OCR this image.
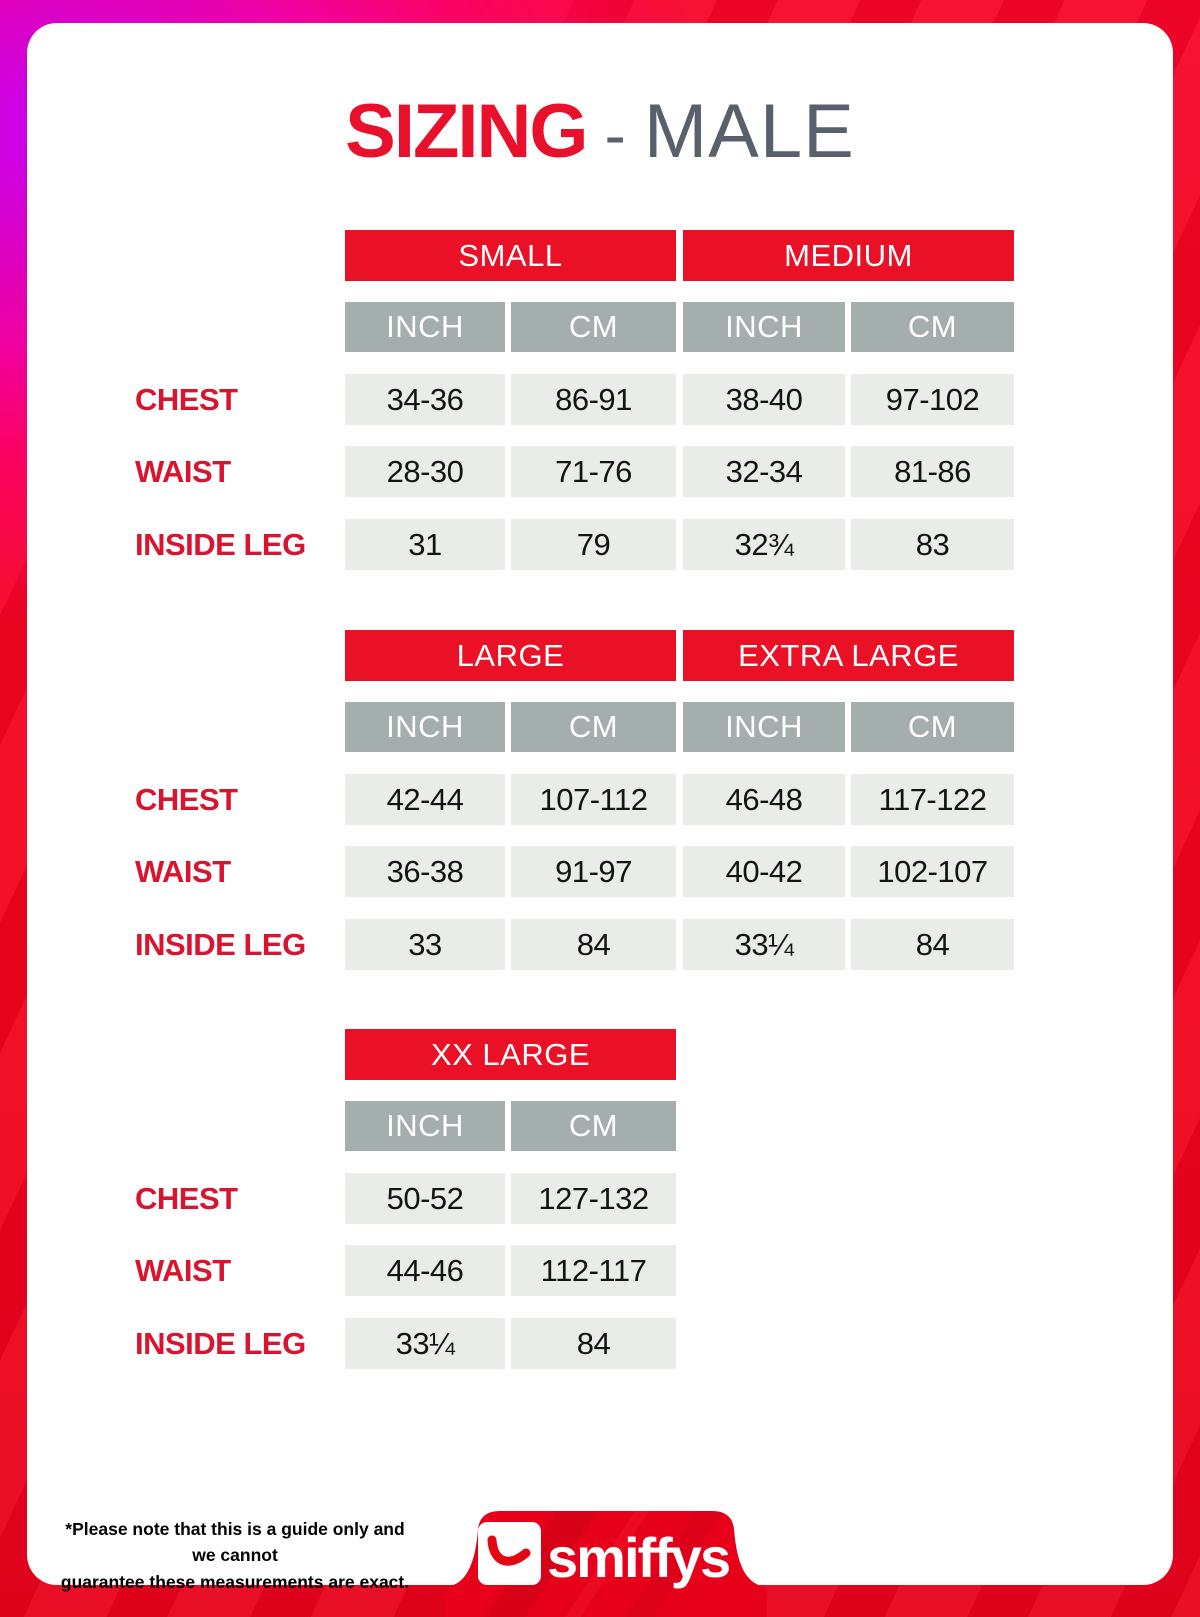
SIZING - MALE
SMALL	MEDIUM
INCH	CM	INCH	CM
CHEST	34-36	86-91	38-40	97-102
WAIST	28-30	71-76	32-34	81-86
INSIDE LEG	31	79	32¾	83
LARGE	EXTRA LARGE
INCH	CM	INCH	CM
CHEST	42-44	107-112	46-48	117-122
WAIST	36-38	91-97	40-42	102-107
INSIDE LEG	33	84	33¼	84
XX LARGE
INCH	CM
CHEST	50-52	127-132
WAIST	44-46	112-117
INSIDE LEG	33¼	84
*Please note that this is a guide only and we cannot
guarantee these measurements are exact. smiffys TM
